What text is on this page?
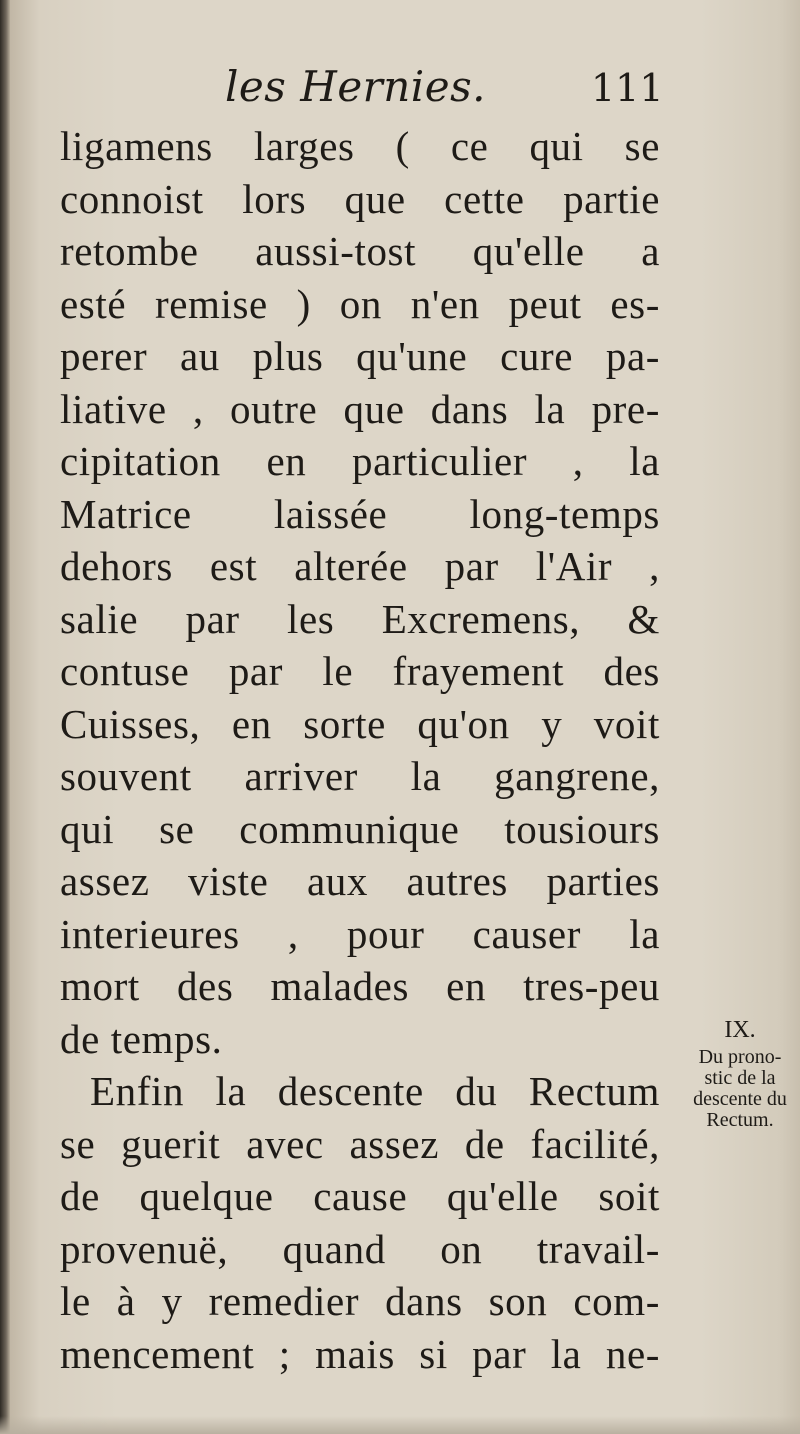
les Hernies.	111
ligamens larges ( ce qui se
connoist lors que cette partie
retombe aussi-tost qu'elle a
esté remise ) on n'en peut es-
perer au plus qu'une cure pa-
liative , outre que dans la pre-
cipitation en particulier , la
Matrice laissée long-temps
dehors est alterée par l'Air ,
salie par les Excremens, &
contuse par le frayement des
Cuisses, en sorte qu'on y voit
souvent arriver la gangrene,
qui se communique tousiours
assez viste aux autres parties
interieures , pour causer la
mort des malades en tres-peu
de temps.
Enfin la descente du Rectum
se guerit avec assez de facilité,
de quelque cause qu'elle soit
provenuë, quand on travail-
le à y remedier dans son com-
mencement ; mais si par la ne-
IX.
Du prono-
stic de la
descente du
Rectum.
